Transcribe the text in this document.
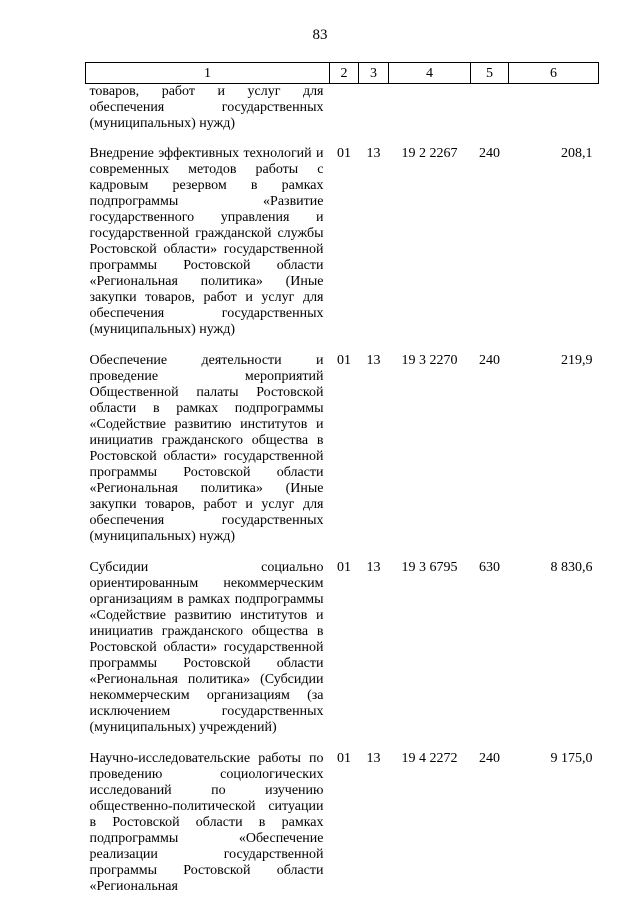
83
1	2	3	4	5	6
товаров, работ и услуг для обеспечения государственных (муниципальных) нужд)					
Внедрение эффективных технологий и современных методов работы с кадровым резервом в рамках подпрограммы «Развитие государственного управления и государственной гражданской службы Ростовской области» государственной программы Ростовской области «Региональная политика» (Иные закупки товаров, работ и услуг для обеспечения государственных (муниципальных) нужд)	01	13	19 2 2267	240	208,1
Обеспечение деятельности и проведение мероприятий Общественной палаты Ростовской области в рамках подпрограммы «Содействие развитию институтов и инициатив гражданского общества в Ростовской области» государственной программы Ростовской области «Региональная политика» (Иные закупки товаров, работ и услуг для обеспечения государственных (муниципальных) нужд)	01	13	19 3 2270	240	219,9
Субсидии социально ориентированным некоммерческим организациям в рамках подпрограммы «Содействие развитию институтов и инициатив гражданского общества в Ростовской области» государственной программы Ростовской области «Региональная политика» (Субсидии некоммерческим организациям (за исключением государственных (муниципальных) учреждений)	01	13	19 3 6795	630	8 830,6
Научно-исследовательские работы по проведению социологических исследований по изучению общественно-политической ситуации в Ростовской области в рамках подпрограммы «Обеспечение реализации государственной программы Ростовской области «Региональная	01	13	19 4 2272	240	9 175,0
